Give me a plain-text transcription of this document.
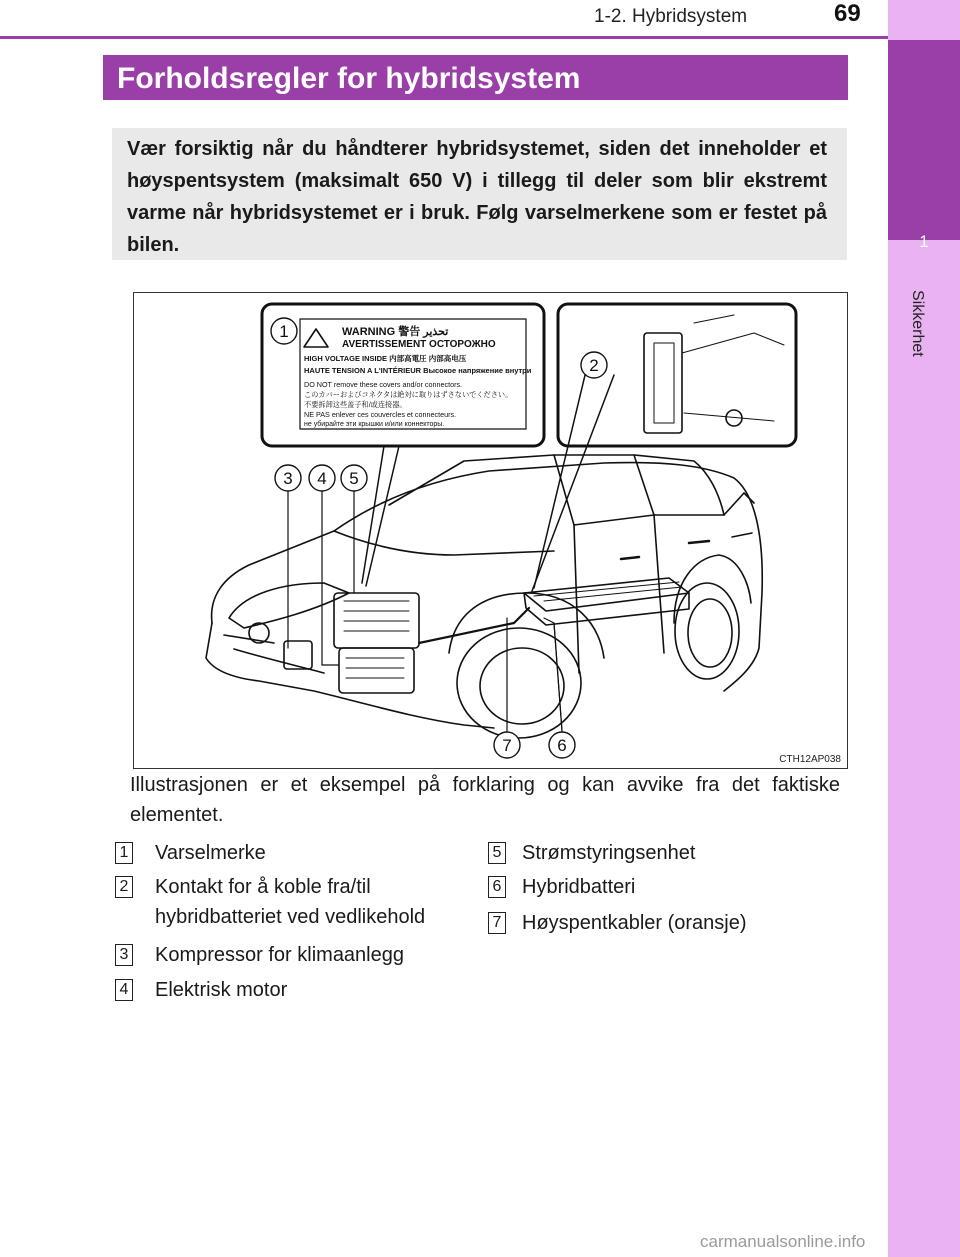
1
Sikkerhet
1-2. Hybridsystem	69
Forholdsregler for hybridsystem

Vær forsiktig når du håndterer hybridsystemet, siden det inneholder et høyspentsystem (maksimalt 650 V) i tillegg til deler som blir ekstremt varme når hybridsystemet er i bruk. Følg varselmerkene som er festet på bilen.

1
2
3 4 5
6
7
WARNING 警告 تحذير
AVERTISSEMENT ОСТОРОЖНО
HIGH VOLTAGE INSIDE 内部高電圧 内部高电压
HAUTE TENSION A L'INTÉRIEUR Высокое напряжение внутри
DO NOT remove these covers and/or connectors.
このカバーおよびコネクタは絶対に取りはずさないでください。
不要拆卸这些盖子和/或连接器。
NE PAS enlever ces couvercles et connecteurs.
не убирайте эти крышки и/или коннекторы.
CTH12AP038

Illustrasjonen er et eksempel på forklaring og kan avvike fra det faktiske elementet.

1 Varselmerke
2 Kontakt for å koble fra/til hybridbatteriet ved vedlikehold
3 Kompressor for klimaanlegg
4 Elektrisk motor
5 Strømstyringsenhet
6 Hybridbatteri
7 Høyspentkabler (oransje)
carmanualsonline.info
